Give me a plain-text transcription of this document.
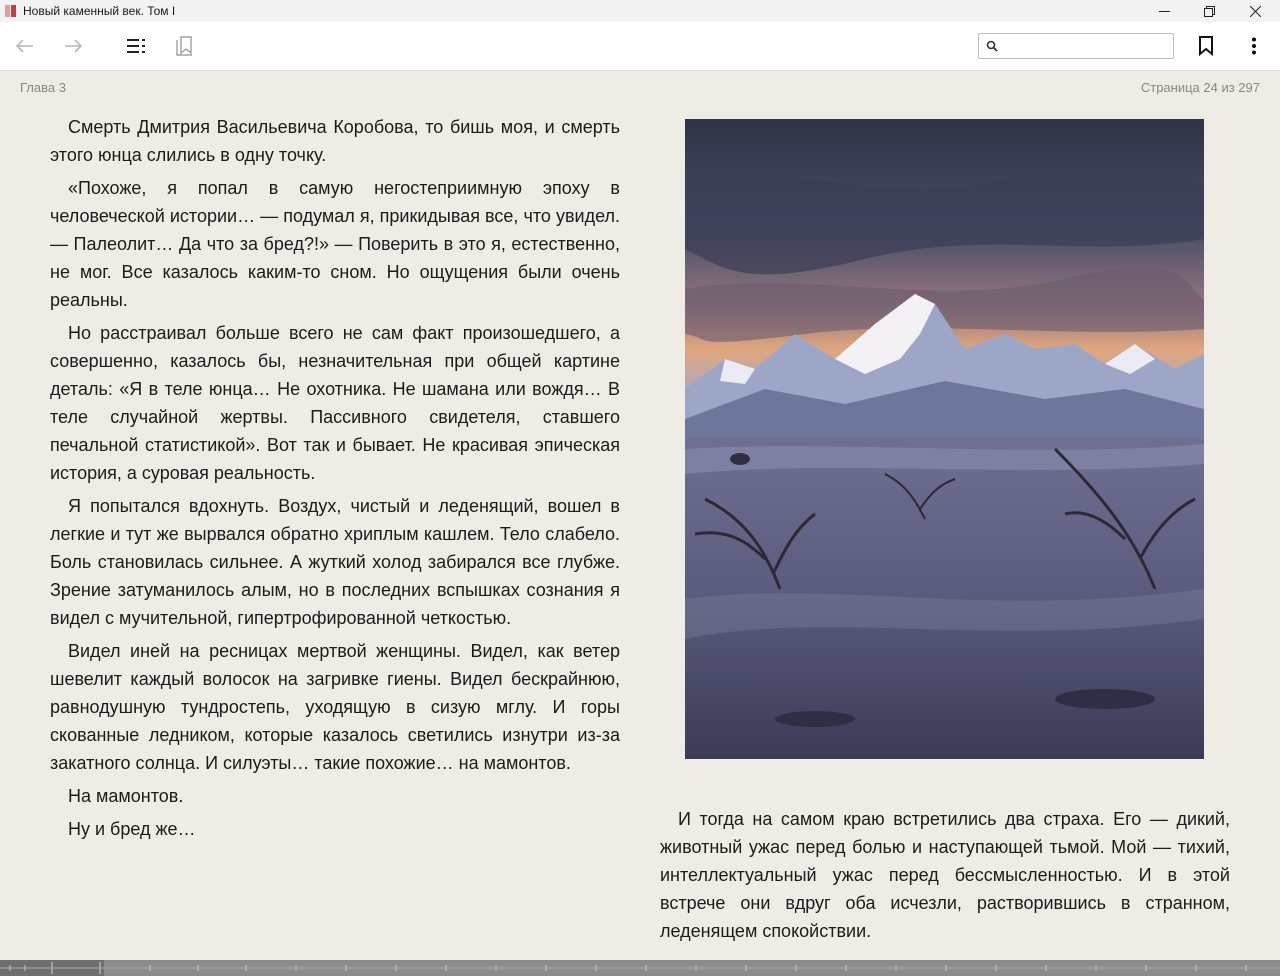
Новый каменный век. Том I
Глава 3	Страница 24 из 297

Смерть Дмитрия Васильевича Коробова, то бишь моя, и смерть этого юнца слились в одну точку.

«Похоже, я попал в самую негостеприимную эпоху в человеческой истории… — подумал я, прикидывая все, что увидел. — Палеолит… Да что за бред?!» — Поверить в это я, естественно, не мог. Все казалось каким-то сном. Но ощущения были очень реальны.

Но расстраивал больше всего не сам факт произошедшего, а совершенно, казалось бы, незначительная при общей картине деталь: «Я в теле юнца… Не охотника. Не шамана или вождя… В теле случайной жертвы. Пассивного свидетеля, ставшего печальной статистикой». Вот так и бывает. Не красивая эпическая история, а суровая реальность.

Я попытался вдохнуть. Воздух, чистый и леденящий, вошел в легкие и тут же вырвался обратно хриплым кашлем. Тело слабело. Боль становилась сильнее. А жуткий холод забирался все глубже. Зрение затуманилось алым, но в последних вспышках сознания я видел с мучительной, гипертрофированной четкостью.

Видел иней на ресницах мертвой женщины. Видел, как ветер шевелит каждый волосок на загривке гиены. Видел бескрайнюю, равнодушную тундростепь, уходящую в сизую мглу. И горы скованные ледником, которые казалось светились изнутри из-за закатного солнца. И силуэты… такие похожие… на мамонтов.

На мамонтов.

Ну и бред же…	И тогда на самом краю встретились два страха. Его — дикий, животный ужас перед болью и наступающей тьмой. Мой — тихий, интеллектуальный ужас перед бессмысленностью. И в этой встрече они вдруг оба исчезли, растворившись в странном, леденящем спокойствии.
